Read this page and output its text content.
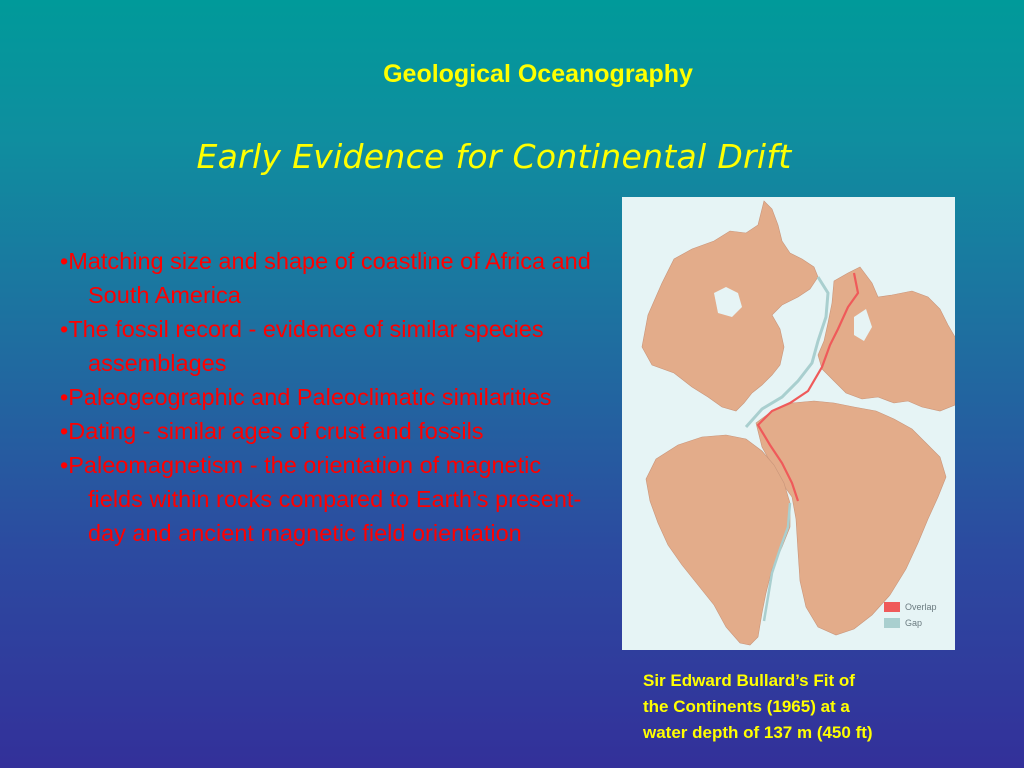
Geological Oceanography
Early Evidence for Continental Drift
•Matching size and shape of coastline of Africa and South America
•The fossil record - evidence of similar species assemblages
•Paleogeographic and Paleoclimatic similarities
•Dating - similar ages of crust and fossils
•Paleomagnetism - the orientation of magnetic fields within rocks compared to Earth’s present-day and ancient magnetic field orientation
Overlap
Gap
Sir Edward Bullard’s Fit of
the Continents (1965) at a
water depth of 137 m (450 ft)
